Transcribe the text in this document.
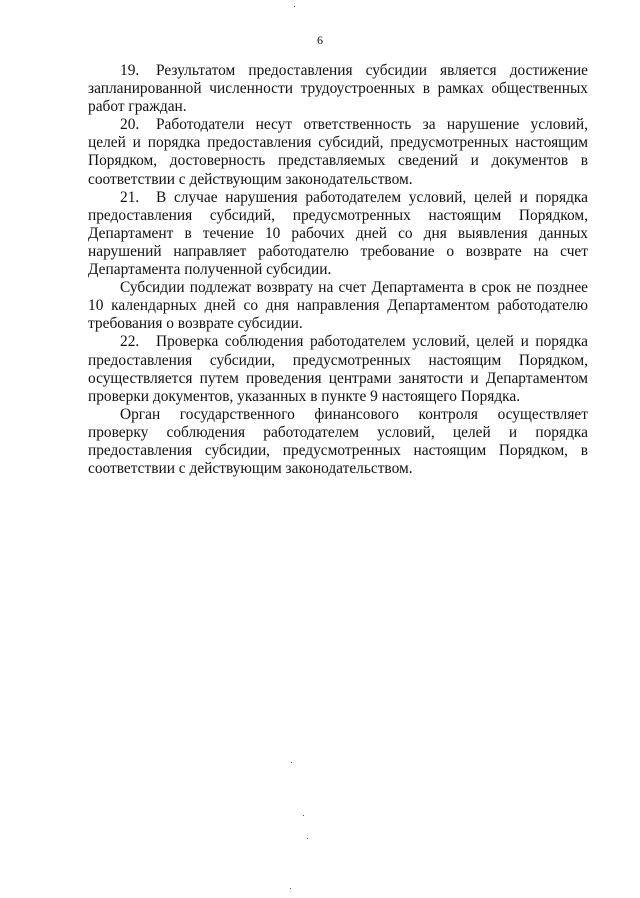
6

19. Результатом предоставления субсидии является достижение запланированной численности трудоустроенных в рамках общественных работ граждан.

20. Работодатели несут ответственность за нарушение условий, целей и порядка предоставления субсидий, предусмотренных настоящим Порядком, достоверность представляемых сведений и документов в соответствии с действующим законодательством.

21. В случае нарушения работодателем условий, целей и порядка предоставления субсидий, предусмотренных настоящим Порядком, Департамент в течение 10 рабочих дней со дня выявления данных нарушений направляет работодателю требование о возврате на счет Департамента полученной субсидии.

Субсидии подлежат возврату на счет Департамента в срок не позднее 10 календарных дней со дня направления Департаментом работодателю требования о возврате субсидии.

22. Проверка соблюдения работодателем условий, целей и порядка предоставления субсидии, предусмотренных настоящим Порядком, осуществляется путем проведения центрами занятости и Департаментом проверки документов, указанных в пункте 9 настоящего Порядка.

Орган государственного финансового контроля осуществляет проверку соблюдения работодателем условий, целей и порядка предоставления субсидии, предусмотренных настоящим Порядком, в соответствии с действующим законодательством.
